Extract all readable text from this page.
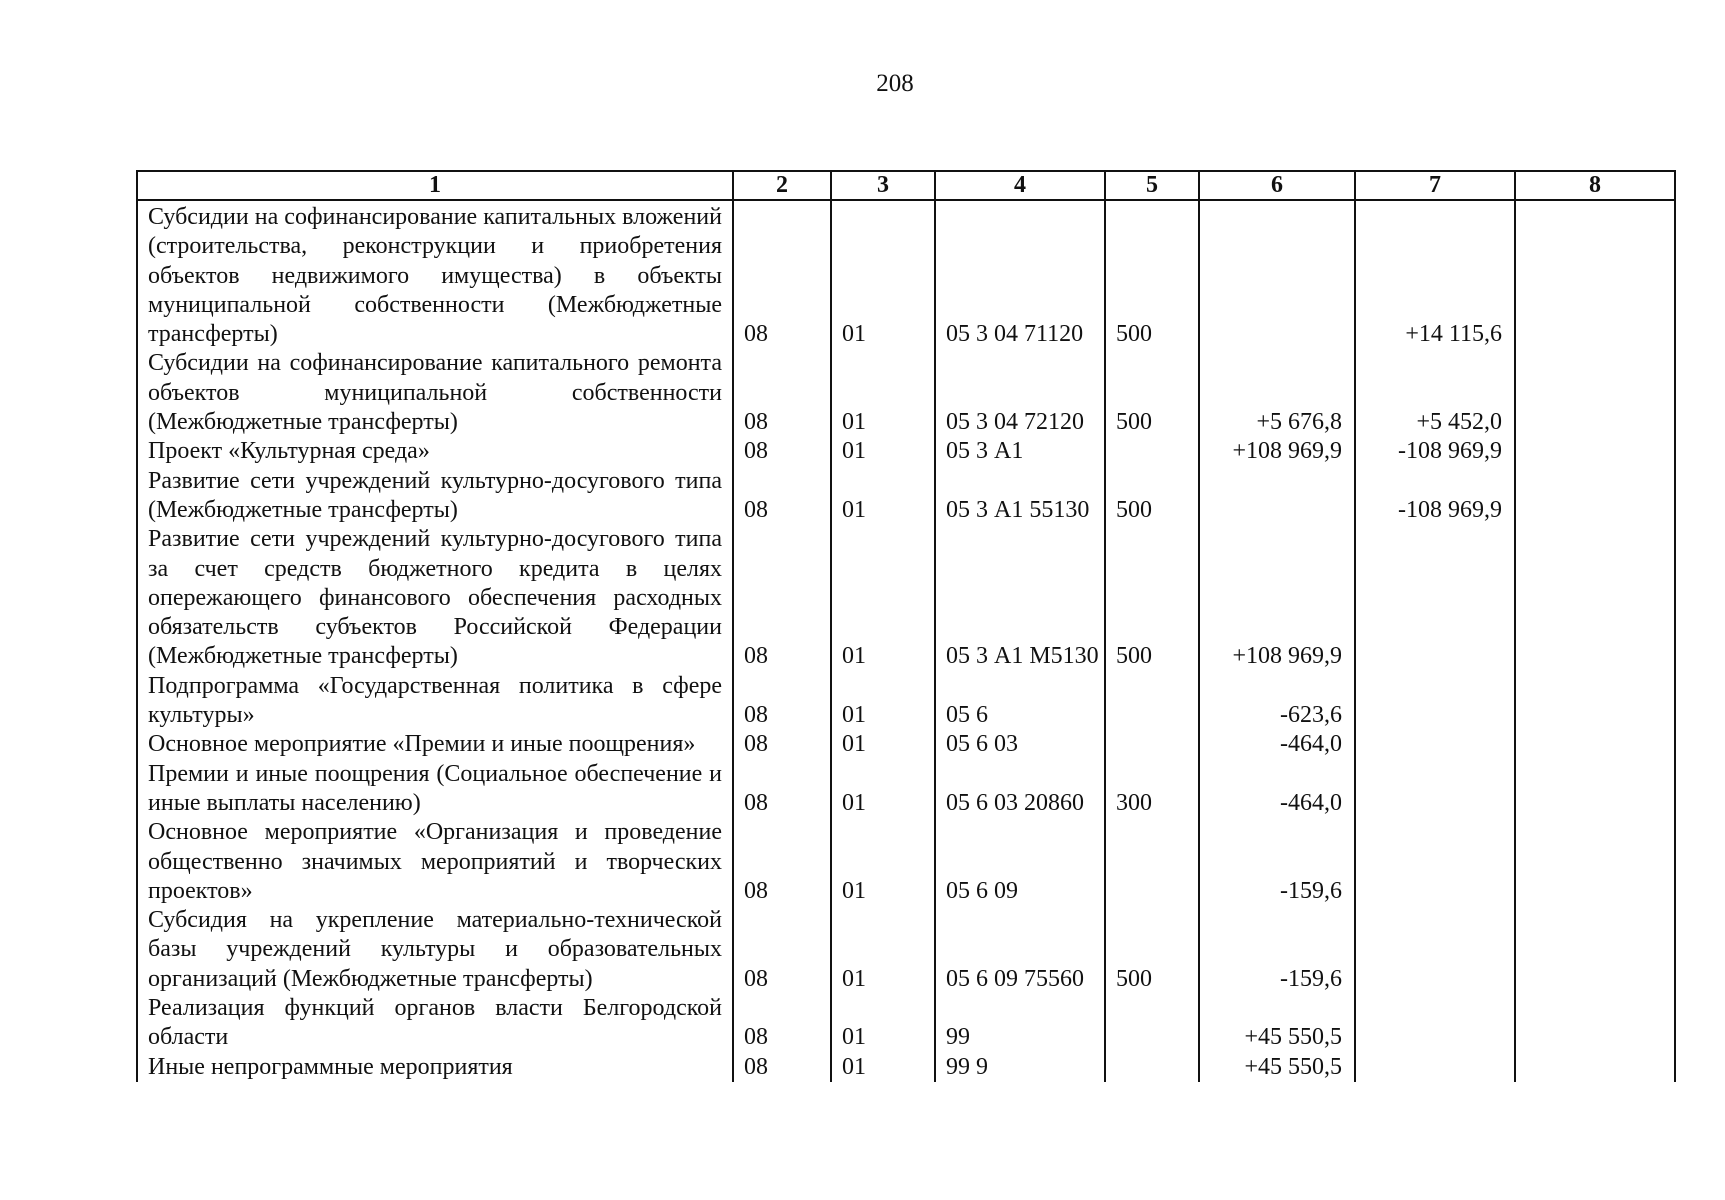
208
1	2	3	4	5	6	7	8
Субсидии на софинансирование капитальных вложений (строительства, реконструкции и приобретения объектов недвижимого имущества) в объекты муниципальной собственности (Межбюджетные трансферты)	08	01	05 3 04 71120	500		+14 115,6	
Субсидии на софинансирование капитального ремонта объектов муниципальной собственности (Межбюджетные трансферты)	08	01	05 3 04 72120	500	+5 676,8	+5 452,0	
Проект «Культурная среда»	08	01	05 3 А1		+108 969,9	-108 969,9	
Развитие сети учреждений культурно-досугового типа (Межбюджетные трансферты)	08	01	05 3 А1 55130	500		-108 969,9	
Развитие сети учреждений культурно-досугового типа за счет средств бюджетного кредита в целях опережающего финансового обеспечения расходных обязательств субъектов Российской Федерации (Межбюджетные трансферты)	08	01	05 3 А1 М5130	500	+108 969,9		
Подпрограмма «Государственная политика в сфере культуры»	08	01	05 6		-623,6		
Основное мероприятие «Премии и иные поощрения»	08	01	05 6 03		-464,0		
Премии и иные поощрения (Социальное обеспечение и иные выплаты населению)	08	01	05 6 03 20860	300	-464,0		
Основное мероприятие «Организация и проведение общественно значимых мероприятий и творческих проектов»	08	01	05 6 09		-159,6		
Субсидия на укрепление материально-технической базы учреждений культуры и образовательных организаций (Межбюджетные трансферты)	08	01	05 6 09 75560	500	-159,6		
Реализация функций органов власти Белгородской области	08	01	99		+45 550,5		
Иные непрограммные мероприятия	08	01	99 9		+45 550,5		
